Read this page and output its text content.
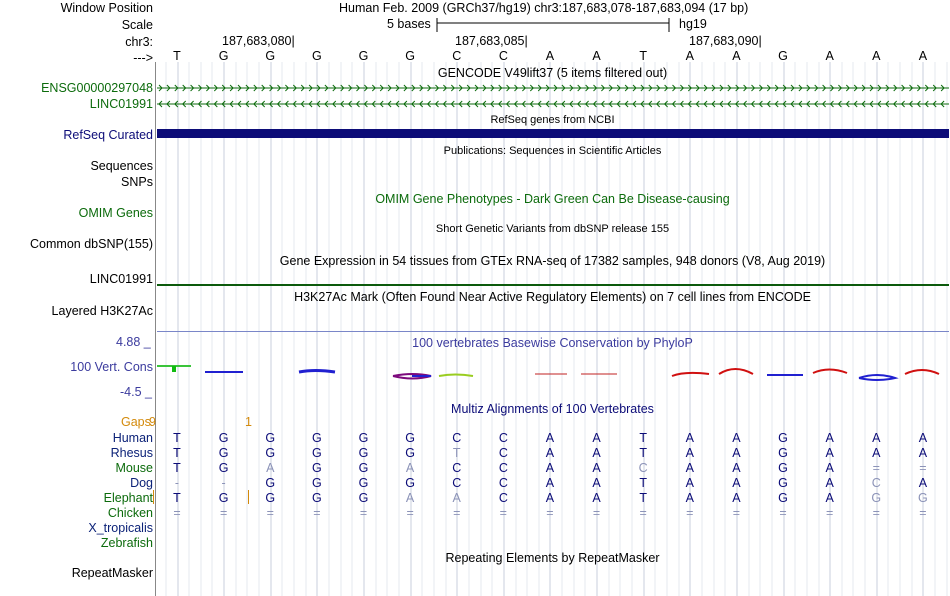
Window Position	Human Feb. 2009 (GRCh37/hg19) chr3:187,683,078-187,683,094 (17 bp)
Scale	5 bases	hg19
chr3:	187,683,080|	187,683,085|	187,683,090|
--->	T	G	G	G	G	G	C	C	A	A	T	A	A	G	A	A	A
GENCODE V49lift37 (5 items filtered out)
ENSG00000297048
LINC01991
RefSeq genes from NCBI
RefSeq Curated
Publications: Sequences in Scientific Articles
Sequences
SNPs
OMIM Gene Phenotypes - Dark Green Can Be Disease-causing
OMIM Genes
Short Genetic Variants from dbSNP release 155
Common dbSNP(155)
Gene Expression in 54 tissues from GTEx RNA-seq of 17382 samples, 948 donors (V8, Aug 2019)
LINC01991
H3K27Ac Mark (Often Found Near Active Regulatory Elements) on 7 cell lines from ENCODE
Layered H3K27Ac
100 vertebrates Basewise Conservation by PhyloP
4.88 _
100 Vert. Cons
-4.5 _
Multiz Alignments of 100 Vertebrates
Gaps
9	1
Human	T	G	G	G	G	G	C	C	A	A	T	A	A	G	A	A	A
Rhesus	T	G	G	G	G	G	T	C	A	A	T	A	A	G	A	A	A
Mouse	T	G	A	G	G	A	C	C	A	A	C	A	A	G	A	=	=
Dog	-	-	G	G	G	G	C	C	A	A	T	A	A	G	A	C	A
Elephant	T	G	G	G	G	A	A	C	A	A	T	A	A	G	A	G	G
Chicken	=	=	=	=	=	=	=	=	=	=	=	=	=	=	=	=	=
X_tropicalis
Zebrafish
Repeating Elements by RepeatMasker
RepeatMasker
